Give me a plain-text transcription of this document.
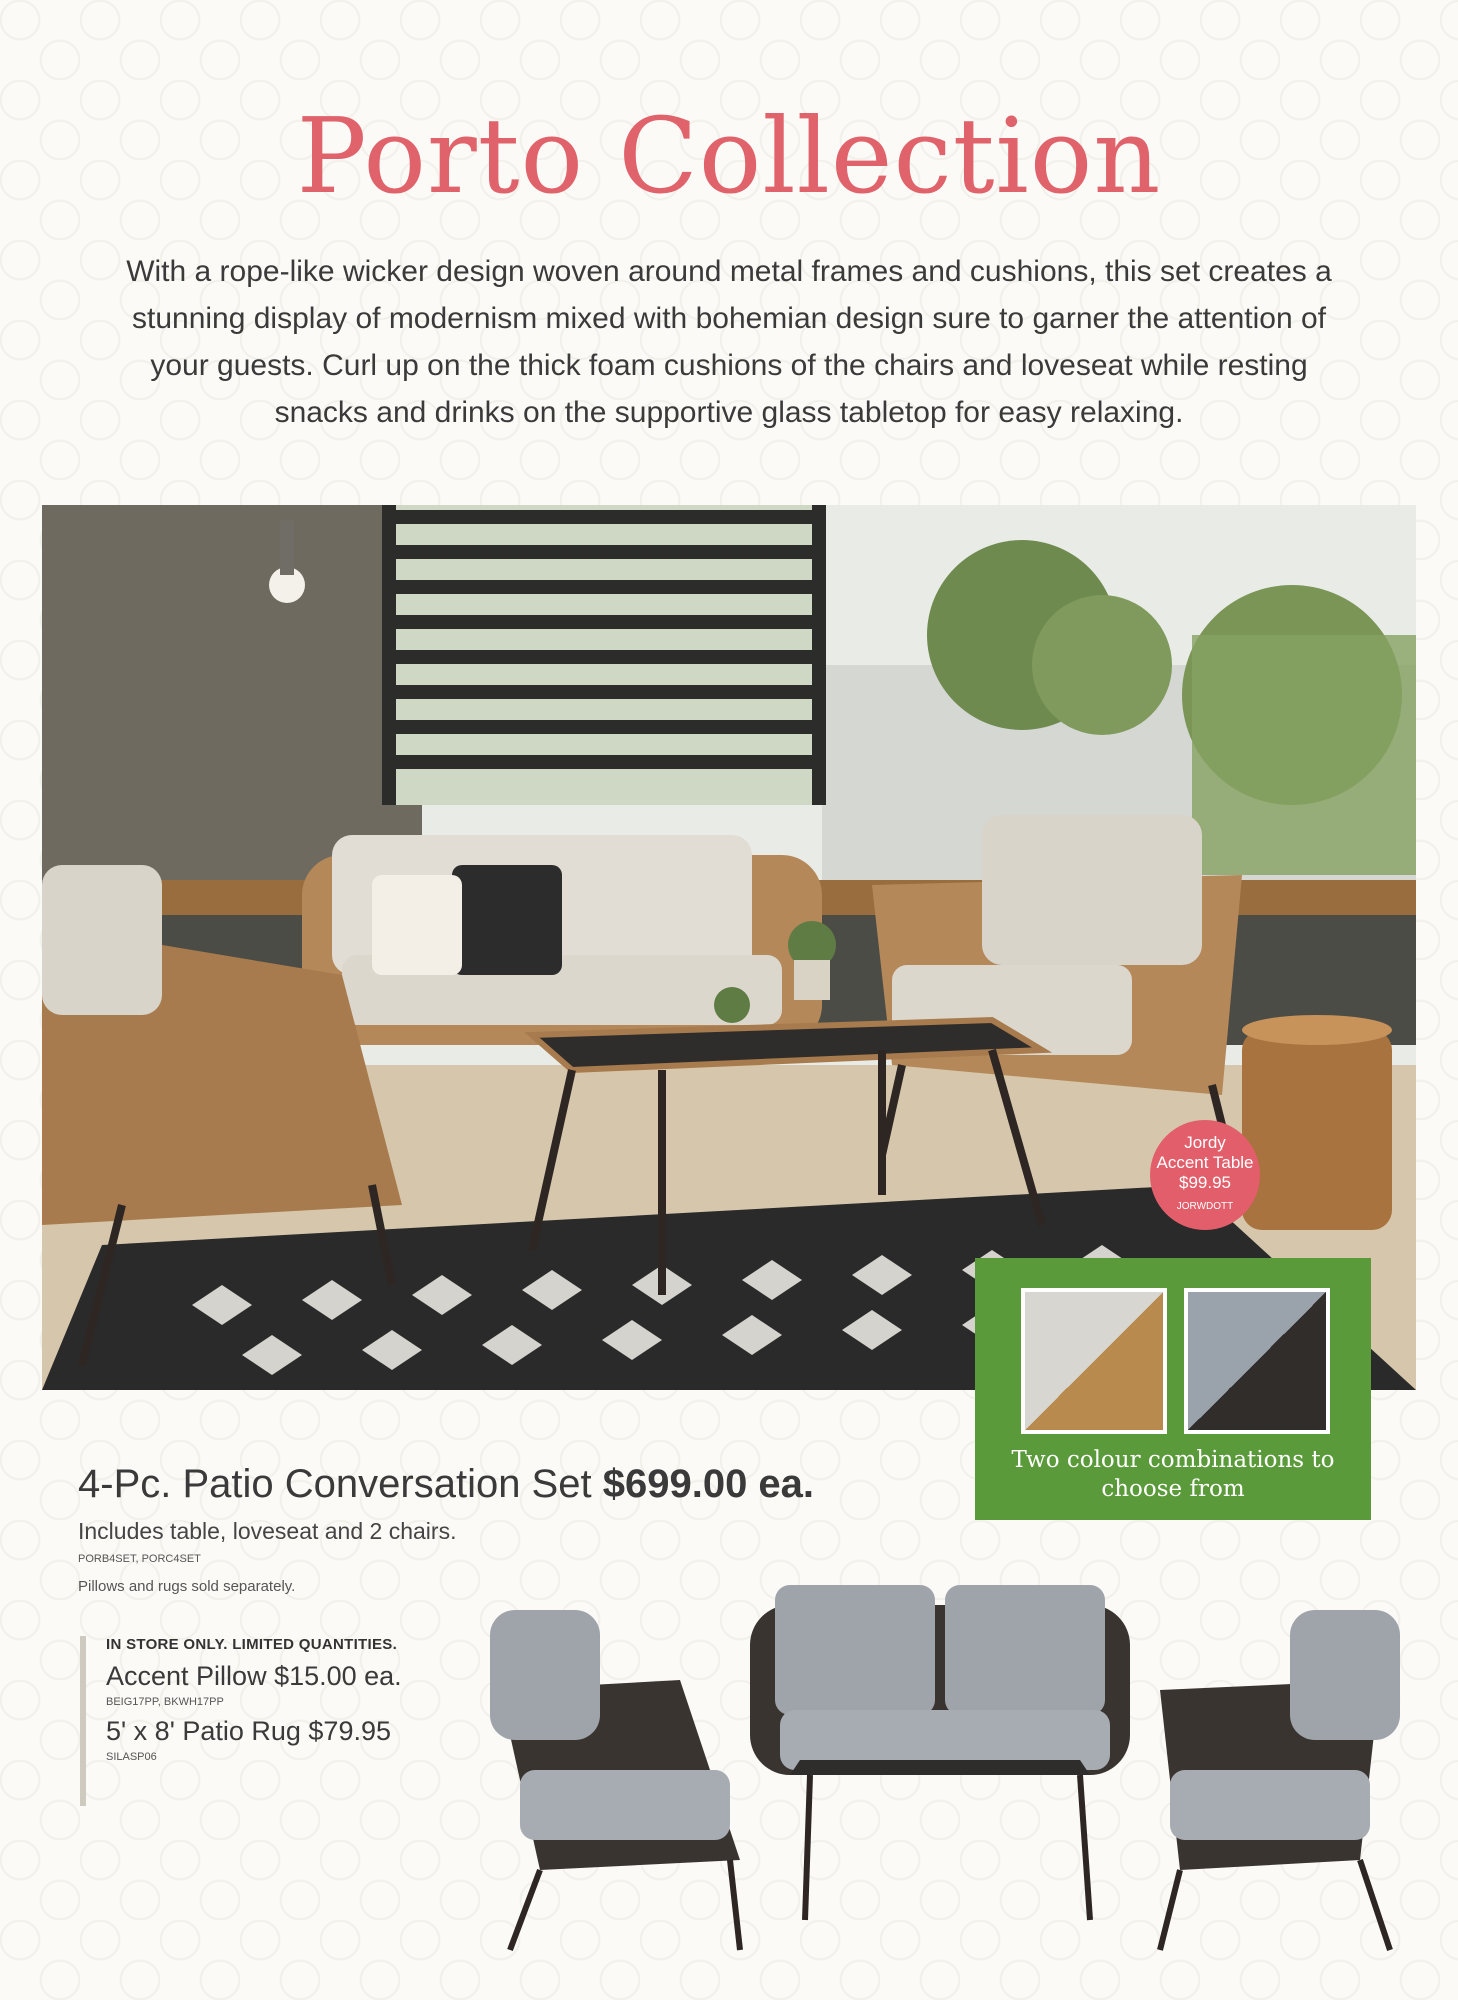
Porto Collection

With a rope-like wicker design woven around metal frames and cushions, this set creates a stunning display of modernism mixed with bohemian design sure to garner the attention of your guests. Curl up on the thick foam cushions of the chairs and loveseat while resting snacks and drinks on the supportive glass tabletop for easy relaxing.

Jordy
Accent Table
$99.95
JORWDOTT
Two colour combinations to choose from
4-Pc. Patio Conversation Set $699.00 ea.
Includes table, loveseat and 2 chairs.
PORB4SET, PORC4SET
Pillows and rugs sold separately.
IN STORE ONLY. LIMITED QUANTITIES.
Accent Pillow $15.00 ea.
BEIG17PP, BKWH17PP
5' x 8' Patio Rug $79.95
SILASP06
